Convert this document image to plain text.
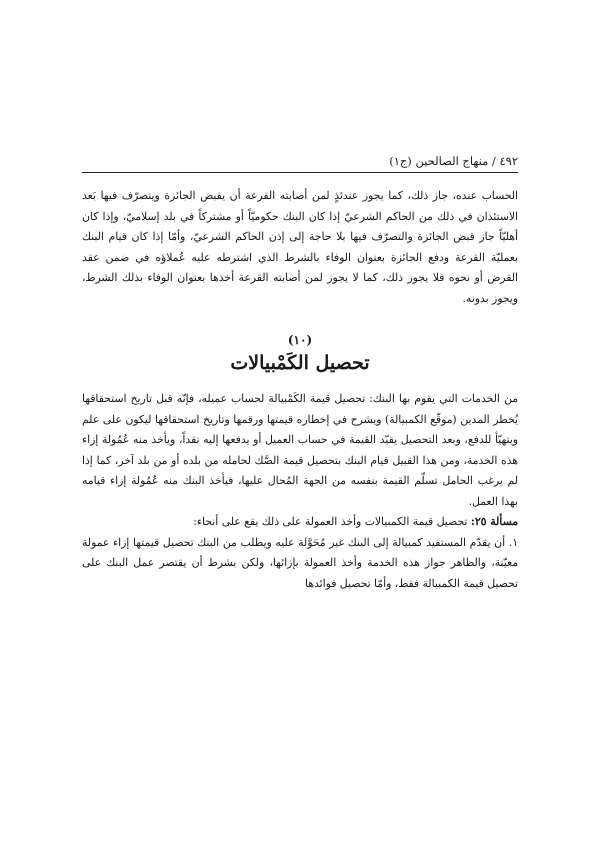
٤٩٢ / منهاج الصالحين (ج١)

الحساب عنده، جاز ذلك، كما يجوز عندئذٍ لمن أصابته القرعة أن يقبض الجائزة ويتصرّف فيها بَعد الاستئذان في ذلك من الحاكم الشرعيّ إذا كان البنك حكوميّاً أو مشتركاً في بلد إسلاميّ، وإذا كان أهليّاً جاز قبض الجائزة والتصرّف فيها بلا حاجة إلى إذن الحاكم الشرعيّ، وأمّا إذا كان قيام البنك بعمليّة القرعة ودفع الجائزة بعنوان الوفاء بالشرط الذي اشترطه عليه عُملاؤه في ضمن عقد القرض أو نحوه فلا يجوز ذلك، كما لا يجوز لمن أصابته القرعة أخذها بعنوان الوفاء بذلك الشرط، ويجوز بدونه.

(١٠)
تحصيل الكَمْبيالات

من الخدمات التي يقوم بها البنك: تحصيل قيمة الكَمْبيالة لحساب عميله، فإنّه قبل تاريخ استحقاقها يُخطر المدين (موقّع الكمبيالة) ويشرح في إخطاره قيمتها ورقمها وتاريخ استحقاقها ليكون على علم ويتهيّأ للدفع، وبعد التحصيل يقيّد القيمة في حساب العميل أو يدفعها إليه نقداً، ويأخذ منه عُمُولة إزاء هذه الخدمة، ومن هذا القبيل قيام البنك بتحصيل قيمة الصَّك لحامله من بلده أو من بلد آخر، كما إذا لم يرغب الحامل تسلّم القيمة بنفسه من الجهة المُحال عليها، فيأخذ البنك منه عُمُولة إزاء قيامه بهذا العمل.

مسألة ٢٥: تحصيل قيمة الكمبيالات وأخذ العمولة على ذلك يقع على أنحاء:

١. أن يقدّم المستفيد كمبيالة إلى البنك غير مُحَوَّلة عليه ويطلب من البنك تحصيل قيمتها إزاء عمولة معيّنة، والظاهر جواز هذه الخدمة وأخذ العمولة بإزائها، ولكن بشرط أن يقتصر عمل البنك على تحصيل قيمة الكمبيالة فقط، وأمّا تحصيل فوائدها
